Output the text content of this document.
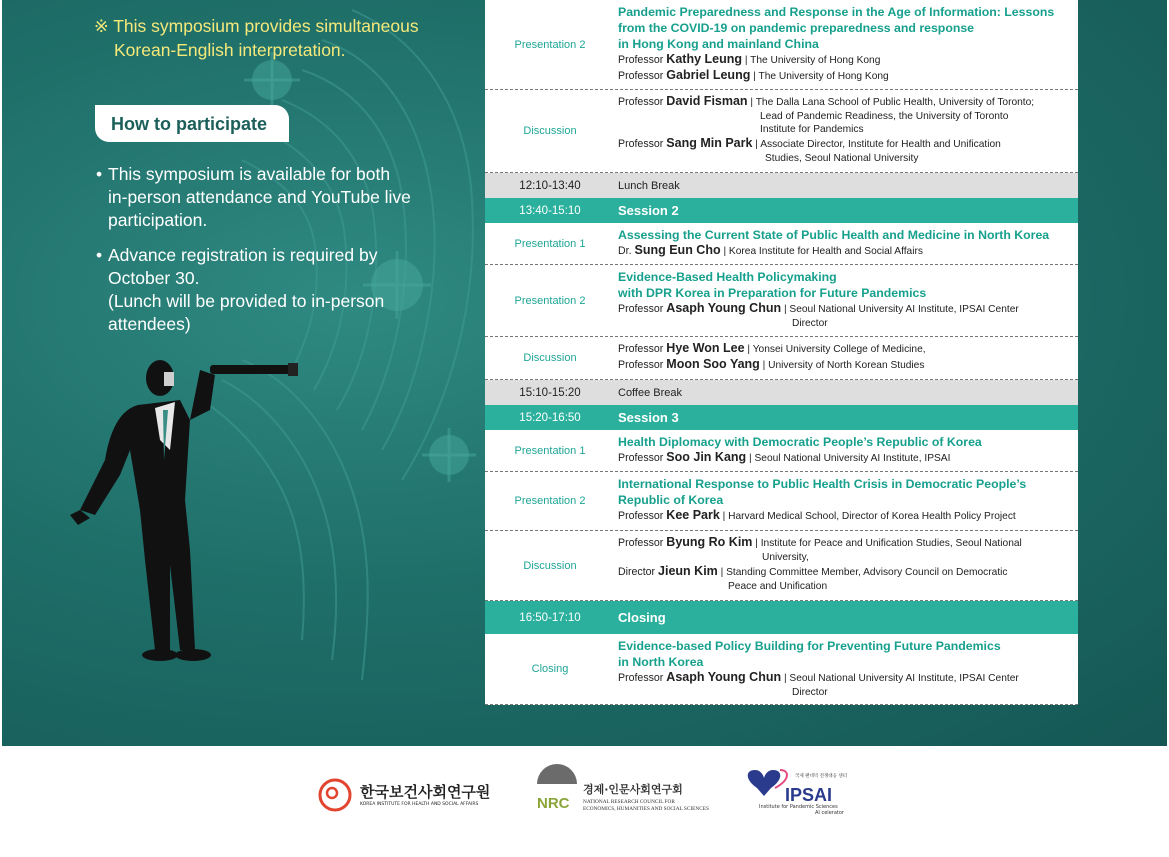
※ This symposium provides simultaneous
Korean-English interpretation.
How to participate
• This symposium is available for both
in-person attendance and YouTube live
participation.
• Advance registration is required by
October 30.
(Lunch will be provided to in-person
attendees)
Presentation 2
Pandemic Preparedness and Response in the Age of Information: Lessons
from the COVID-19 on pandemic preparedness and response
in Hong Kong and mainland China
Professor Kathy Leung | The University of Hong Kong
Professor Gabriel Leung | The University of Hong Kong
Discussion
Professor David Fisman | The Dalla Lana School of Public Health, University of Toronto;
Lead of Pandemic Readiness, the University of Toronto
Institute for Pandemics
Professor Sang Min Park | Associate Director, Institute for Health and Unification
Studies, Seoul National University
12:10-13:40	Lunch Break
13:40-15:10	Session 2
Presentation 1
Assessing the Current State of Public Health and Medicine in North Korea
Dr. Sung Eun Cho | Korea Institute for Health and Social Affairs
Presentation 2
Evidence-Based Health Policymaking
with DPR Korea in Preparation for Future Pandemics
Professor Asaph Young Chun | Seoul National University AI Institute, IPSAI Center
Director
Discussion
Professor Hye Won Lee | Yonsei University College of Medicine,
Professor Moon Soo Yang | University of North Korean Studies
15:10-15:20	Coffee Break
15:20-16:50	Session 3
Presentation 1
Health Diplomacy with Democratic People’s Republic of Korea
Professor Soo Jin Kang | Seoul National University AI Institute, IPSAI
Presentation 2
International Response to Public Health Crisis in Democratic People’s
Republic of Korea
Professor Kee Park | Harvard Medical School, Director of Korea Health Policy Project
Discussion
Professor Byung Ro Kim | Institute for Peace and Unification Studies, Seoul National
University,
Director Jieun Kim | Standing Committee Member, Advisory Council on Democratic
Peace and Unification
16:50-17:10	Closing
Closing
Evidence-based Policy Building for Preventing Future Pandemics
in North Korea
Professor Asaph Young Chun | Seoul National University AI Institute, IPSAI Center
Director
한국보건사회연구원
KOREA INSTITUTE FOR HEALTH AND SOCIAL AFFAIRS	NRC
경제·인문사회연구회
NATIONAL RESEARCH COUNCIL FOR
ECONOMICS, HUMANITIES AND SOCIAL SCIENCES
국제 팬데믹 전쟁대응 센터
IPSAI
Institute for Pandemic Sciences
AI celerator
